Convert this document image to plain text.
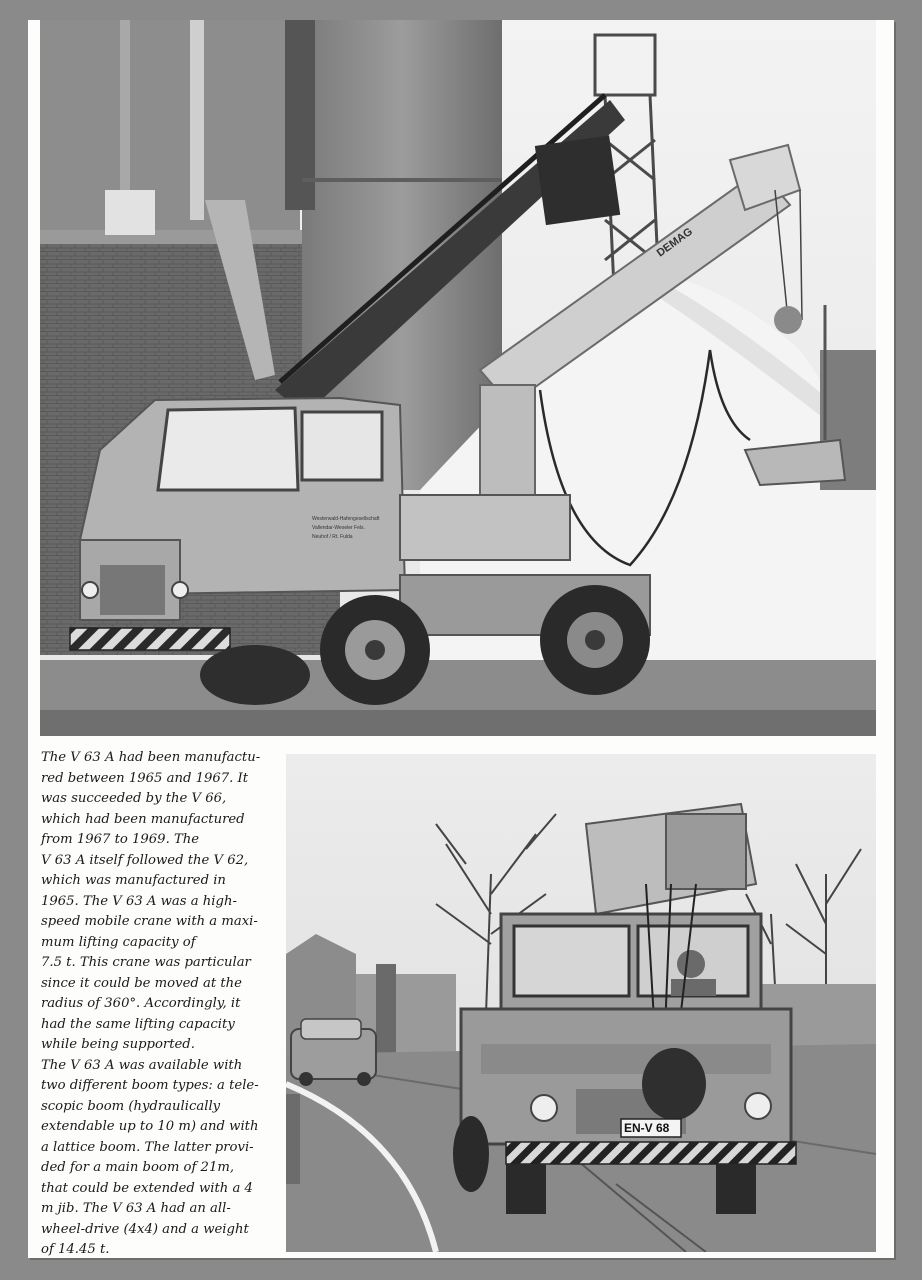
DEMAG
Westerwald-Hafengesellschaft
Vallendar-Weseler Fels.
Neuhof / Rt. Fulda
The V 63 A had been manufactu-
red between 1965 and 1967. It
was succeeded by the V 66,
which had been manufactured
from 1967 to 1969. The
V 63 A itself followed the V 62,
which was manufactured in
1965. The V 63 A was a high-
speed mobile crane with a maxi-
mum lifting capacity of
7.5 t. This crane was particular
since it could be moved at the
radius of 360°. Accordingly, it
had the same lifting capacity
while being supported.
The V 63 A was available with
two different boom types: a tele-
scopic boom (hydraulically
extendable up to 10 m) and with
a lattice boom. The latter provi-
ded for a main boom of 21m,
that could be extended with a 4
m jib. The V 63 A had an all-
wheel-drive (4x4) and a weight
of 14.45 t.
EN-V 68
